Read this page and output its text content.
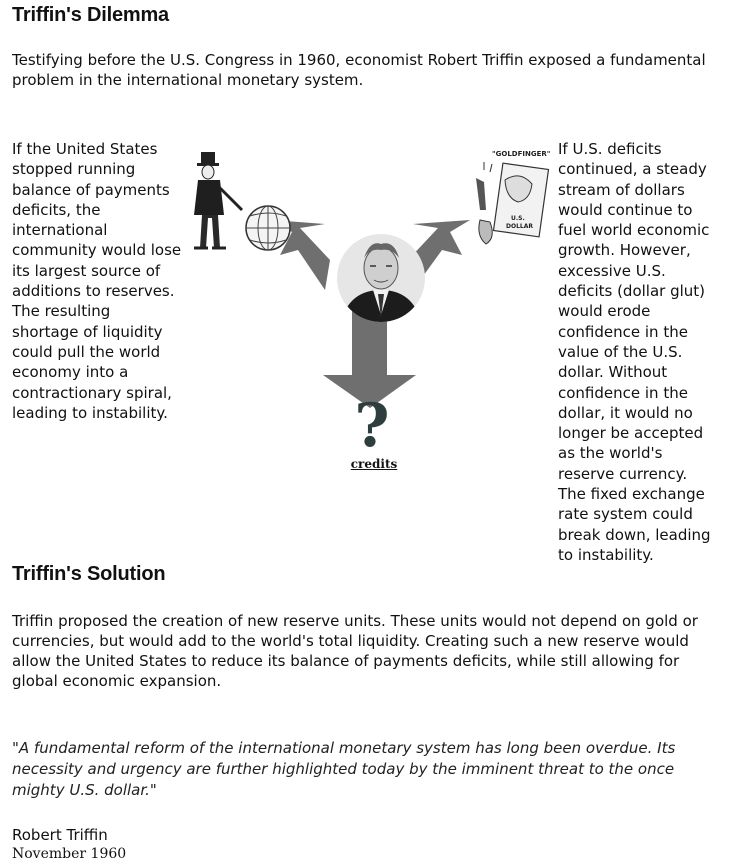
Triffin's Dilemma

Testifying before the U.S. Congress in 1960, economist Robert Triffin exposed a fundamental problem in the international monetary system.

If the United States
stopped running
balance of payments
deficits, the
international
community would lose
its largest source of
additions to reserves.
The resulting
shortage of liquidity
could pull the world
economy into a
contractionary spiral,
leading to instability.
If U.S. deficits
continued, a steady
stream of dollars
would continue to
fuel world economic
growth. However,
excessive U.S.
deficits (dollar glut)
would erode
confidence in the
value of the U.S.
dollar. Without
confidence in the
dollar, it would no
longer be accepted
as the world's
reserve currency.
The fixed exchange
rate system could
break down, leading
to instability.
"GOLDFINGER"
U.S.
DOLLAR
?
credits
Triffin's Solution

Triffin proposed the creation of new reserve units. These units would not depend on gold or currencies, but would add to the world's total liquidity. Creating such a new reserve would allow the United States to reduce its balance of payments deficits, while still allowing for global economic expansion.

"A fundamental reform of the international monetary system has long been overdue. Its necessity and urgency are further highlighted today by the imminent threat to the once mighty U.S. dollar."

Robert Triffin
November 1960
